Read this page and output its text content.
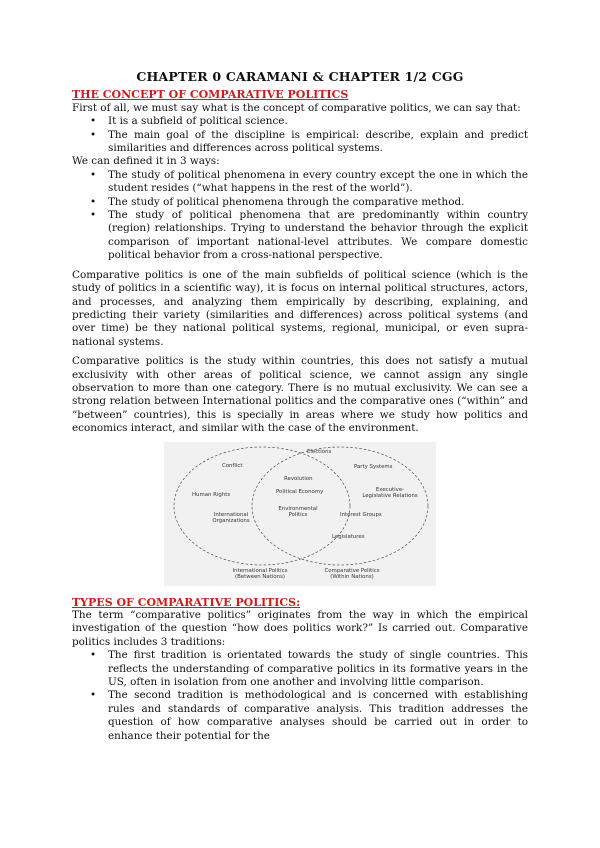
CHAPTER 0 CARAMANI & CHAPTER 1/2 CGG
THE CONCEPT OF COMPARATIVE POLITICS

First of all, we must say what is the concept of comparative politics, we can say that:

• It is a subfield of political science.
• The main goal of the discipline is empirical: describe, explain and predict similarities and differences across political systems.

We can defined it in 3 ways:

• The study of political phenomena in every country except the one in which the student resides (“what happens in the rest of the world”).
• The study of political phenomena through the comparative method.
• The study of political phenomena that are predominantly within country (region) relationships. Trying to understand the behavior through the explicit comparison of important national-level attributes. We compare domestic political behavior from a cross-national perspective.

Comparative politics is one of the main subfields of political science (which is the study of politics in a scientific way), it is focus on internal political structures, actors, and processes, and analyzing them empirically by describing, explaining, and predicting their variety (similarities and differences) across political systems (and over time) be they national political systems, regional, municipal, or even supra-national systems.

Comparative politics is the study within countries, this does not satisfy a mutual exclusivity with other areas of political science, we cannot assign any single observation to more than one category. There is no mutual exclusivity. We can see a strong relation between International politics and the comparative ones (“within” and “between” countries), this is specially in areas where we study how politics and economics interact, and similar with the case of the environment.

Conflict
Human Rights
International Organizations
Revolution
Political Economy
Environmental Politics
Elections
Party Systems
Executive-Legislative Relations
Interest Groups
Legislatures
International Politics (Between Nations)
Comparative Politics (Within Nations)
TYPES OF COMPARATIVE POLITICS:

The term “comparative politics” originates from the way in which the empirical investigation of the question “how does politics work?” Is carried out. Comparative politics includes 3 traditions:

• The first tradition is orientated towards the study of single countries. This reflects the understanding of comparative politics in its formative years in the US, often in isolation from one another and involving little comparison.
• The second tradition is methodological and is concerned with establishing rules and standards of comparative analysis. This tradition addresses the question of how comparative analyses should be carried out in order to enhance their potential for the
